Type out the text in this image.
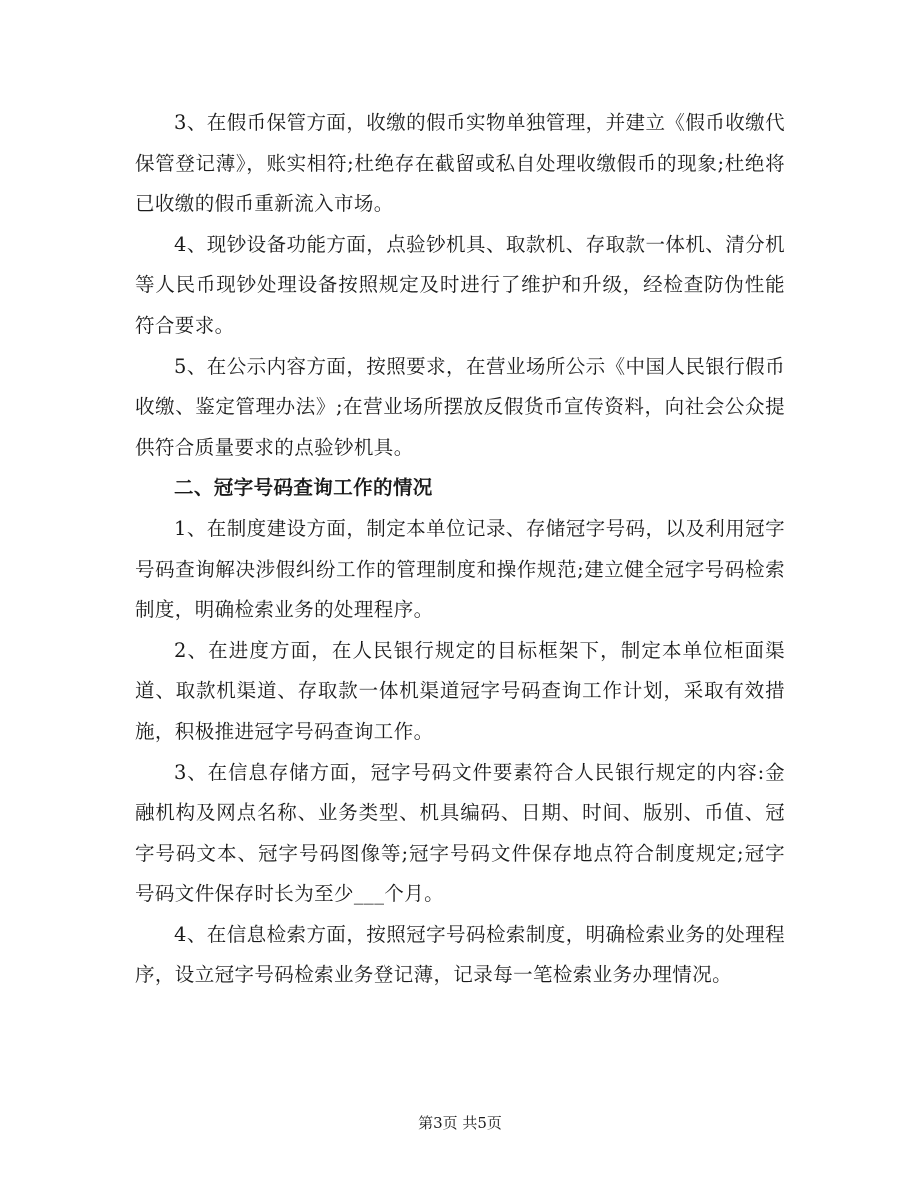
3、在假币保管方面，收缴的假币实物单独管理，并建立《假币收缴代保管登记薄》，账实相符;杜绝存在截留或私自处理收缴假币的现象;杜绝将已收缴的假币重新流入市场。

4、现钞设备功能方面，点验钞机具、取款机、存取款一体机、清分机等人民币现钞处理设备按照规定及时进行了维护和升级，经检查防伪性能符合要求。

5、在公示内容方面，按照要求，在营业场所公示《中国人民银行假币收缴、鉴定管理办法》;在营业场所摆放反假货币宣传资料，向社会公众提供符合质量要求的点验钞机具。

二、冠字号码查询工作的情况

1、在制度建设方面，制定本单位记录、存储冠字号码，以及利用冠字号码查询解决涉假纠纷工作的管理制度和操作规范;建立健全冠字号码检索制度，明确检索业务的处理程序。

2、在进度方面，在人民银行规定的目标框架下，制定本单位柜面渠道、取款机渠道、存取款一体机渠道冠字号码查询工作计划，采取有效措施，积极推进冠字号码查询工作。

3、在信息存储方面，冠字号码文件要素符合人民银行规定的内容:金融机构及网点名称、业务类型、机具编码、日期、时间、版别、币值、冠字号码文本、冠字号码图像等;冠字号码文件保存地点符合制度规定;冠字号码文件保存时长为至少___个月。

4、在信息检索方面，按照冠字号码检索制度，明确检索业务的处理程序，设立冠字号码检索业务登记薄，记录每一笔检索业务办理情况。

第3页 共5页
